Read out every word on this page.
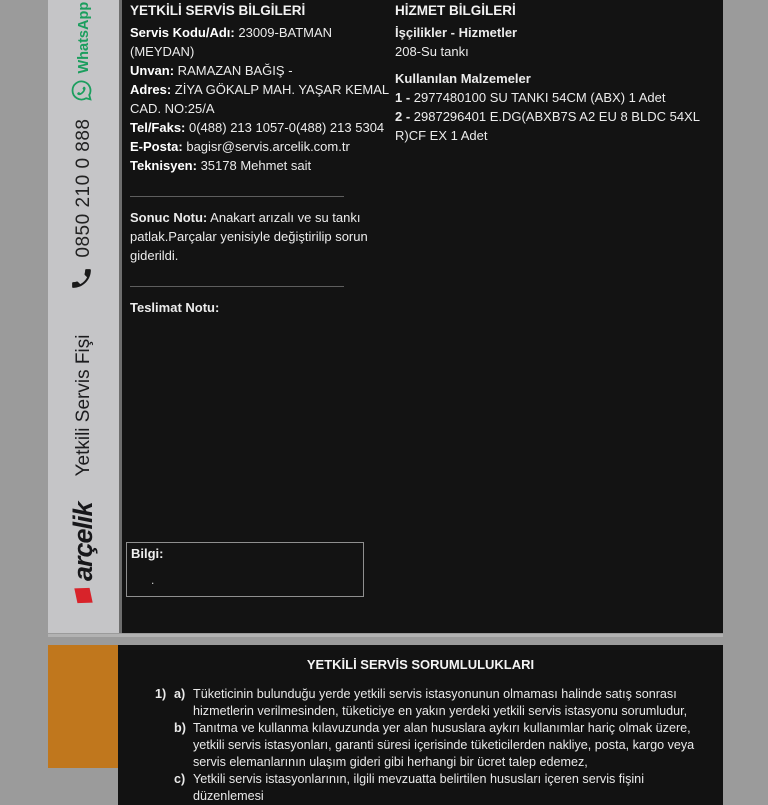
arçelik
Yetkili Servis Fişi
0850 210 0 888
WhatsApp	YETKİLİ SERVİS BİLGİLERİ
Servis Kodu/Adı: 23009-BATMAN (MEYDAN)
Unvan: RAMAZAN BAĞIŞ -
Adres: ZİYA GÖKALP MAH. YAŞAR KEMAL CAD. NO:25/A
Tel/Faks: 0(488) 213 1057-0(488) 213 5304
E-Posta: bagisr@servis.arcelik.com.tr
Teknisyen: 35178 Mehmet sait

Sonuc Notu: Anakart arızalı ve su tankı patlak.Parçalar yenisiyle değiştirilip sorun giderildi.

Teslimat Notu:

HİZMET BİLGİLERİ

İşçilikler - Hizmetler

208-Su tankı

Kullanılan Malzemeler

1 - 2977480100 SU TANKI 54CM (ABX) 1 Adet
2 - 2987296401 E.DG(ABXB7S A2 EU 8 BLDC 54XL R)CF EX 1 Adet
Bilgi:
.
YETKİLİ SERVİS SORUMLULUKLARI
1) a) Tüketicinin bulunduğu yerde yetkili servis istasyonunun olmaması halinde satış sonrası hizmetlerin verilmesinden, tüketiciye en yakın yerdeki yetkili servis istasyonu sorumludur,
b) Tanıtma ve kullanma kılavuzunda yer alan hususlara aykırı kullanımlar hariç olmak üzere, yetkili servis istasyonları, garanti süresi içerisinde tüketicilerden nakliye, posta, kargo veya servis elemanlarının ulaşım gideri gibi herhangi bir ücret talep edemez,
c) Yetkili servis istasyonlarının, ilgili mevzuatta belirtilen hususları içeren servis fişini düzenlemesi
